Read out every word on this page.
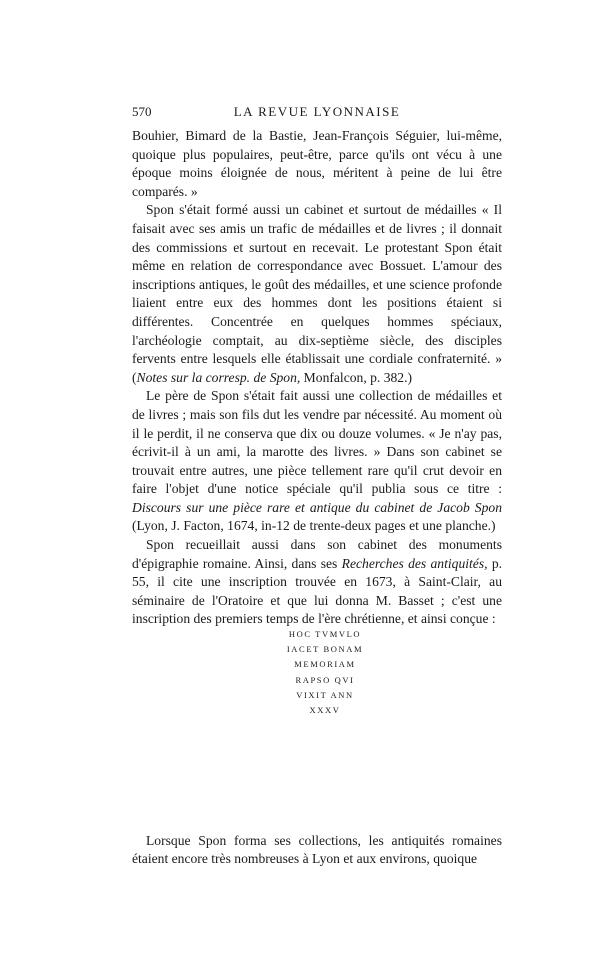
570	LA REVUE LYONNAISE

Bouhier, Bimard de la Bastie, Jean-François Séguier, lui-même, quoique plus populaires, peut-être, parce qu'ils ont vécu à une époque moins éloignée de nous, méritent à peine de lui être comparés. »

Spon s'était formé aussi un cabinet et surtout de médailles « Il faisait avec ses amis un trafic de médailles et de livres ; il donnait des commissions et surtout en recevait. Le protestant Spon était même en relation de correspondance avec Bossuet. L'amour des inscriptions antiques, le goût des médailles, et une science profonde liaient entre eux des hommes dont les positions étaient si différentes. Concentrée en quelques hommes spéciaux, l'archéologie comptait, au dix-septième siècle, des disciples fervents entre lesquels elle établissait une cordiale confraternité. » (Notes sur la corresp. de Spon, Monfalcon, p. 382.)

Le père de Spon s'était fait aussi une collection de médailles et de livres ; mais son fils dut les vendre par nécessité. Au moment où il le perdit, il ne conserva que dix ou douze volumes. « Je n'ay pas, écrivit-il à un ami, la marotte des livres. » Dans son cabinet se trouvait entre autres, une pièce tellement rare qu'il crut devoir en faire l'objet d'une notice spéciale qu'il publia sous ce titre : Discours sur une pièce rare et antique du cabinet de Jacob Spon (Lyon, J. Facton, 1674, in-12 de trente-deux pages et une planche.)

Spon recueillait aussi dans son cabinet des monuments d'épigraphie romaine. Ainsi, dans ses Recherches des antiquités, p. 55, il cite une inscription trouvée en 1673, à Saint-Clair, au séminaire de l'Oratoire et que lui donna M. Basset ; c'est une inscription des premiers temps de l'ère chrétienne, et ainsi conçue :

HOC TVMVLO
IACET BONAM
MEMORIAM
RAPSO QVI
VIXIT ANN
XXXV

Lorsque Spon forma ses collections, les antiquités romaines étaient encore très nombreuses à Lyon et aux environs, quoique
